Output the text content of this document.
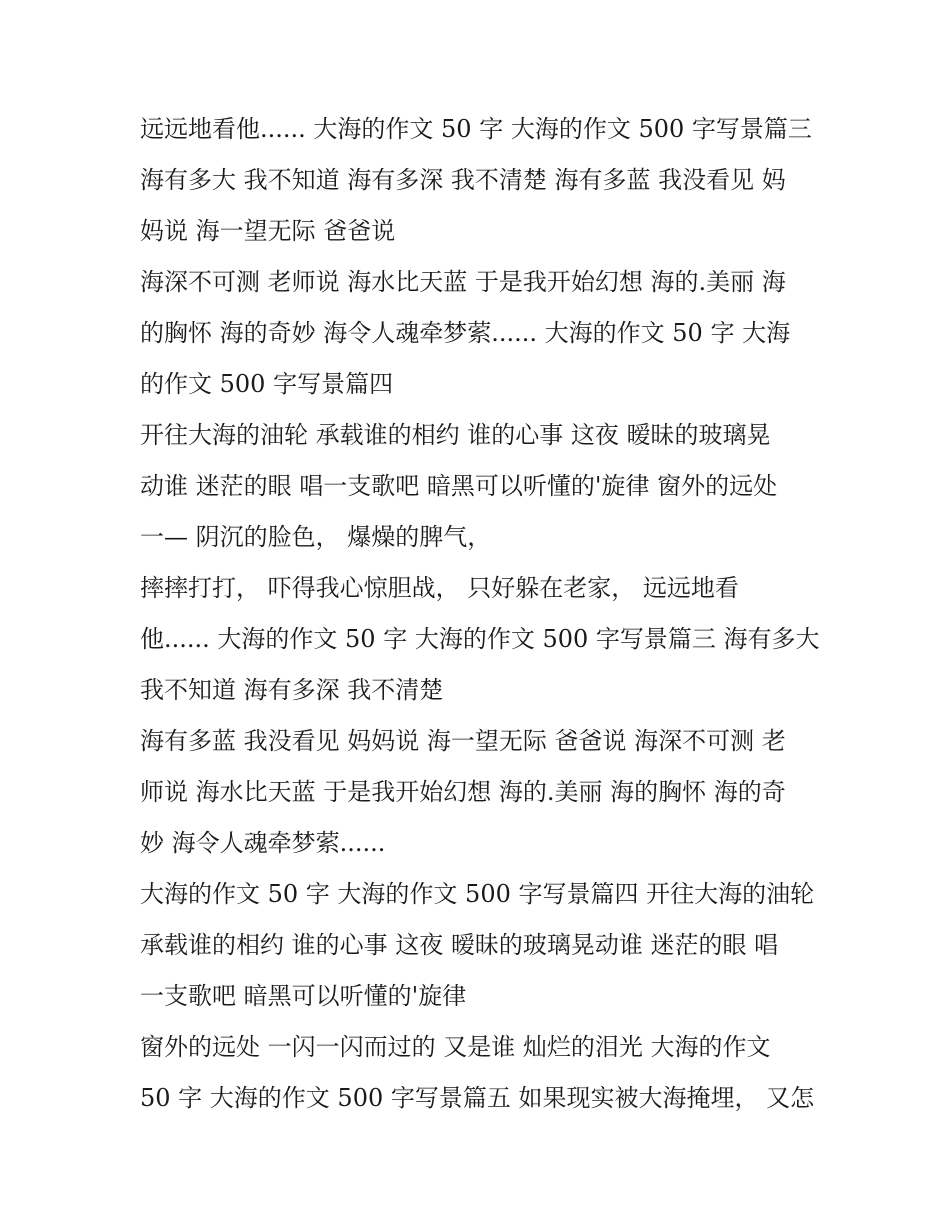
远远地看他...... 大海的作文 50 字 大海的作文 500 字写景篇三
海有多大 我不知道 海有多深 我不清楚 海有多蓝 我没看见 妈
妈说 海一望无际 爸爸说
海深不可测 老师说 海水比天蓝 于是我开始幻想 海的.美丽 海
的胸怀 海的奇妙 海令人魂牵梦萦...... 大海的作文 50 字 大海
的作文 500 字写景篇四
开往大海的油轮 承载谁的相约 谁的心事 这夜 暧昧的玻璃晃
动谁 迷茫的眼 唱一支歌吧 暗黑可以听懂的'旋律 窗外的远处
一— 阴沉的脸色， 爆燥的脾气，
摔摔打打， 吓得我心惊胆战， 只好躲在老家， 远远地看
他...... 大海的作文 50 字 大海的作文 500 字写景篇三 海有多大
我不知道 海有多深 我不清楚
海有多蓝 我没看见 妈妈说 海一望无际 爸爸说 海深不可测 老
师说 海水比天蓝 于是我开始幻想 海的.美丽 海的胸怀 海的奇
妙 海令人魂牵梦萦......
大海的作文 50 字 大海的作文 500 字写景篇四 开往大海的油轮
承载谁的相约 谁的心事 这夜 暧昧的玻璃晃动谁 迷茫的眼 唱
一支歌吧 暗黑可以听懂的'旋律
窗外的远处 一闪一闪而过的 又是谁 灿烂的泪光 大海的作文
50 字 大海的作文 500 字写景篇五 如果现实被大海掩埋， 又怎
